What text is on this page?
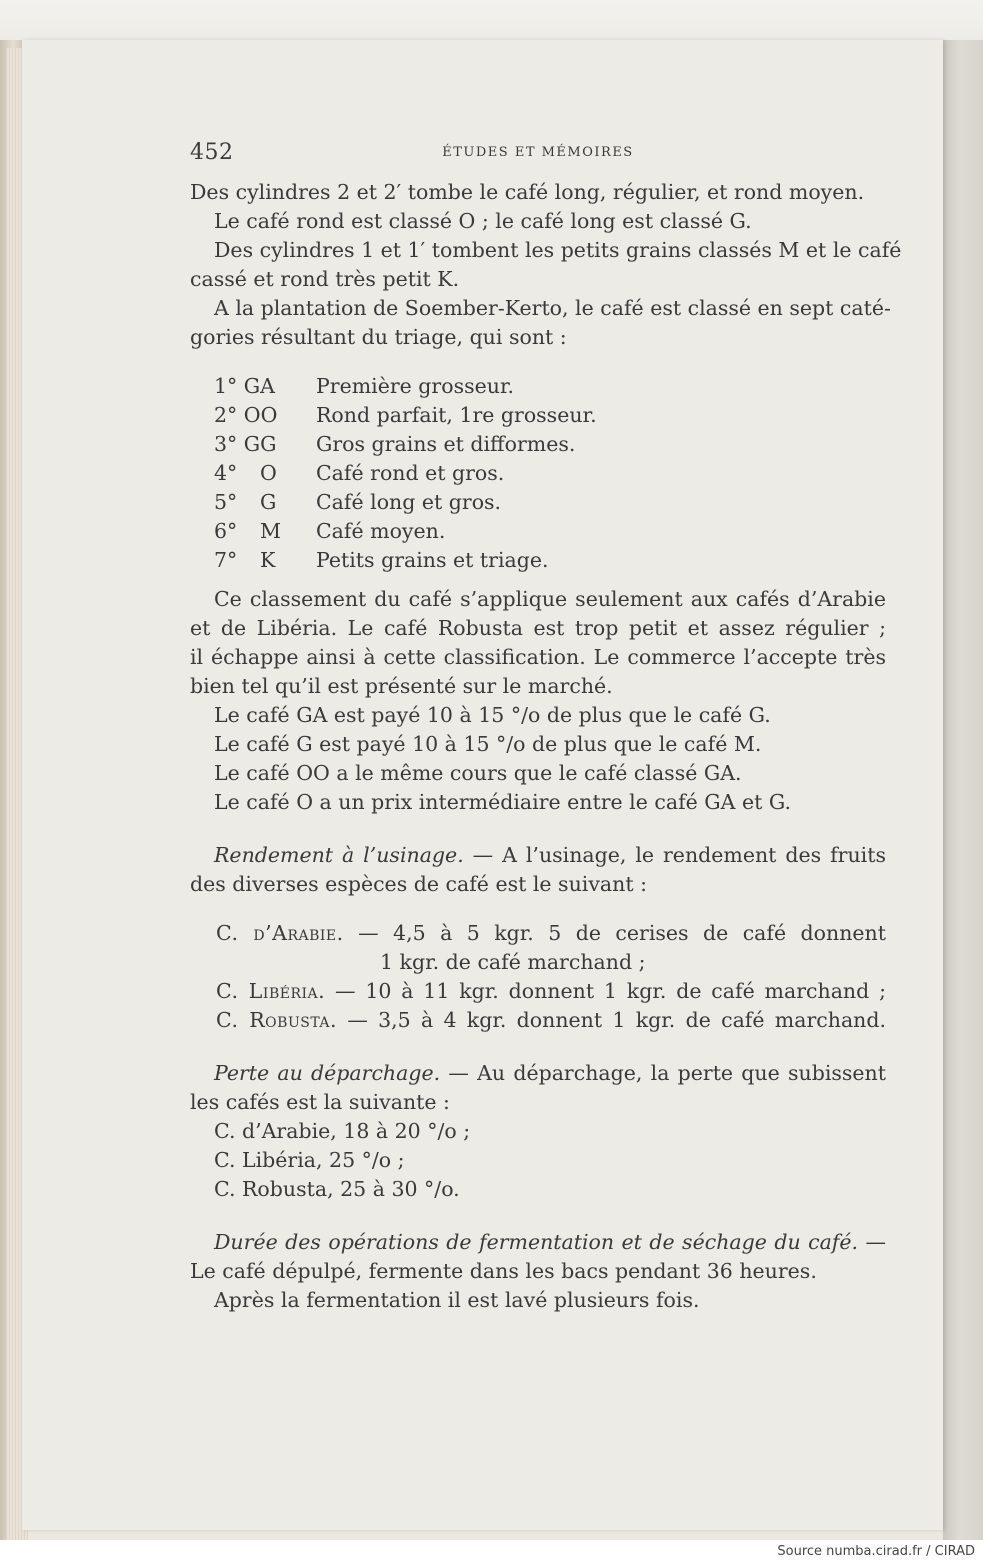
452	ÉTUDES ET MÉMOIRES
Des cylindres 2 et 2′ tombe le café long, régulier, et rond moyen.
Le café rond est classé O ; le café long est classé G.
Des cylindres 1 et 1′ tombent les petits grains classés M et le café
cassé et rond très petit K.
A la plantation de Soember-Kerto, le café est classé en sept caté-
gories résultant du triage, qui sont :
1° GA Première grosseur.
2° OO Rond parfait, 1re grosseur.
3° GG Gros grains et difformes.
4° O Café rond et gros.
5° G Café long et gros.
6° M Café moyen.
7° K Petits grains et triage.
Ce classement du café s’applique seulement aux cafés d’Arabie
et de Libéria. Le café Robusta est trop petit et assez régulier ;
il échappe ainsi à cette classification. Le commerce l’accepte très
bien tel qu’il est présenté sur le marché.
Le café GA est payé 10 à 15 °/o de plus que le café G.
Le café G est payé 10 à 15 °/o de plus que le café M.
Le café OO a le même cours que le café classé GA.
Le café O a un prix intermédiaire entre le café GA et G.
Rendement à l’usinage. — A l’usinage, le rendement des fruits
des diverses espèces de café est le suivant :
C. d’Arabie. — 4,5 à 5 kgr. 5 de cerises de café donnent
1 kgr. de café marchand ;
C. Libéria. — 10 à 11 kgr. donnent 1 kgr. de café marchand ;
C. Robusta. — 3,5 à 4 kgr. donnent 1 kgr. de café marchand.
Perte au déparchage. — Au déparchage, la perte que subissent
les cafés est la suivante :
C. d’Arabie, 18 à 20 °/o ;
C. Libéria, 25 °/o ;
C. Robusta, 25 à 30 °/o.
Durée des opérations de fermentation et de séchage du café. —
Le café dépulpé, fermente dans les bacs pendant 36 heures.
Après la fermentation il est lavé plusieurs fois.
Source numba.cirad.fr / CIRAD
